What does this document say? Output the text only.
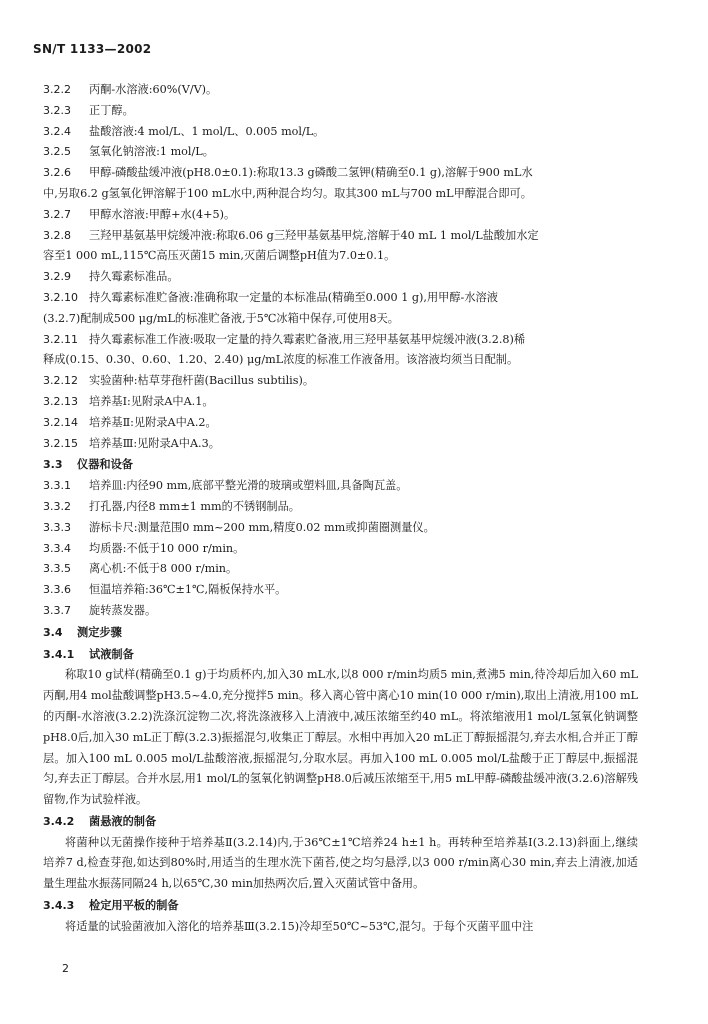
SN/T 1133—2002
3.2.2 丙酮-水溶液:60%(V/V)。
3.2.3 正丁醇。
3.2.4 盐酸溶液:4 mol/L、1 mol/L、0.005 mol/L。
3.2.5 氢氧化钠溶液:1 mol/L。
3.2.6 甲醇-磷酸盐缓冲液(pH8.0±0.1):称取13.3 g磷酸二氢钾(精确至0.1 g),溶解于900 mL水
中,另取6.2 g氢氧化钾溶解于100 mL水中,两种混合均匀。取其300 mL与700 mL甲醇混合即可。
3.2.7 甲醇水溶液:甲醇+水(4+5)。
3.2.8 三羟甲基氨基甲烷缓冲液:称取6.06 g三羟甲基氨基甲烷,溶解于40 mL 1 mol/L盐酸加水定
容至1 000 mL,115℃高压灭菌15 min,灭菌后调整pH值为7.0±0.1。
3.2.9 持久霉素标准品。
3.2.10 持久霉素标准贮备液:准确称取一定量的本标准品(精确至0.000 1 g),用甲醇-水溶液
(3.2.7)配制成500 μg/mL的标准贮备液,于5℃冰箱中保存,可使用8天。
3.2.11 持久霉素标准工作液:吸取一定量的持久霉素贮备液,用三羟甲基氨基甲烷缓冲液(3.2.8)稀
释成(0.15、0.30、0.60、1.20、2.40) μg/mL浓度的标准工作液备用。该溶液均须当日配制。
3.2.12 实验菌种:枯草芽孢杆菌(Bacillus subtilis)。
3.2.13 培养基Ⅰ:见附录A中A.1。
3.2.14 培养基Ⅱ:见附录A中A.2。
3.2.15 培养基Ⅲ:见附录A中A.3。
3.3 仪器和设备
3.3.1 培养皿:内径90 mm,底部平整光滑的玻璃或塑料皿,具备陶瓦盖。
3.3.2 打孔器,内径8 mm±1 mm的不锈钢制品。
3.3.3 游标卡尺:测量范围0 mm~200 mm,精度0.02 mm或抑菌圈测量仪。
3.3.4 均质器:不低于10 000 r/min。
3.3.5 离心机:不低于8 000 r/min。
3.3.6 恒温培养箱:36℃±1℃,隔板保持水平。
3.3.7 旋转蒸发器。
3.4 测定步骤
3.4.1 试液制备
称取10 g试样(精确至0.1 g)于均质杯内,加入30 mL水,以8 000 r/min均质5 min,煮沸5 min,待冷却后加入60 mL丙酮,用4 mol盐酸调整pH3.5~4.0,充分搅拌5 min。移入离心管中离心10 min(10 000 r/min),取出上清液,用100 mL的丙酮-水溶液(3.2.2)洗涤沉淀物二次,将洗涤液移入上清液中,减压浓缩至约40 mL。将浓缩液用1 mol/L氢氧化钠调整pH8.0后,加入30 mL正丁醇(3.2.3)振摇混匀,收集正丁醇层。水相中再加入20 mL正丁醇振摇混匀,弃去水相,合并正丁醇层。加入100 mL 0.005 mol/L盐酸溶液,振摇混匀,分取水层。再加入100 mL 0.005 mol/L盐酸于正丁醇层中,振摇混匀,弃去正丁醇层。合并水层,用1 mol/L的氢氧化钠调整pH8.0后减压浓缩至干,用5 mL甲醇-磷酸盐缓冲液(3.2.6)溶解残留物,作为试验样液。
3.4.2 菌悬液的制备
将菌种以无菌操作接种于培养基Ⅱ(3.2.14)内,于36℃±1℃培养24 h±1 h。再转种至培养基Ⅰ(3.2.13)斜面上,继续培养7 d,检查芽孢,如达到80%时,用适当的生理水洗下菌苔,使之均匀悬浮,以3 000 r/min离心30 min,弃去上清液,加适量生理盐水振荡同隔24 h,以65℃,30 min加热两次后,置入灭菌试管中备用。
3.4.3 检定用平板的制备
将适量的试验菌液加入溶化的培养基Ⅲ(3.2.15)冷却至50℃~53℃,混匀。于每个灭菌平皿中注
2
